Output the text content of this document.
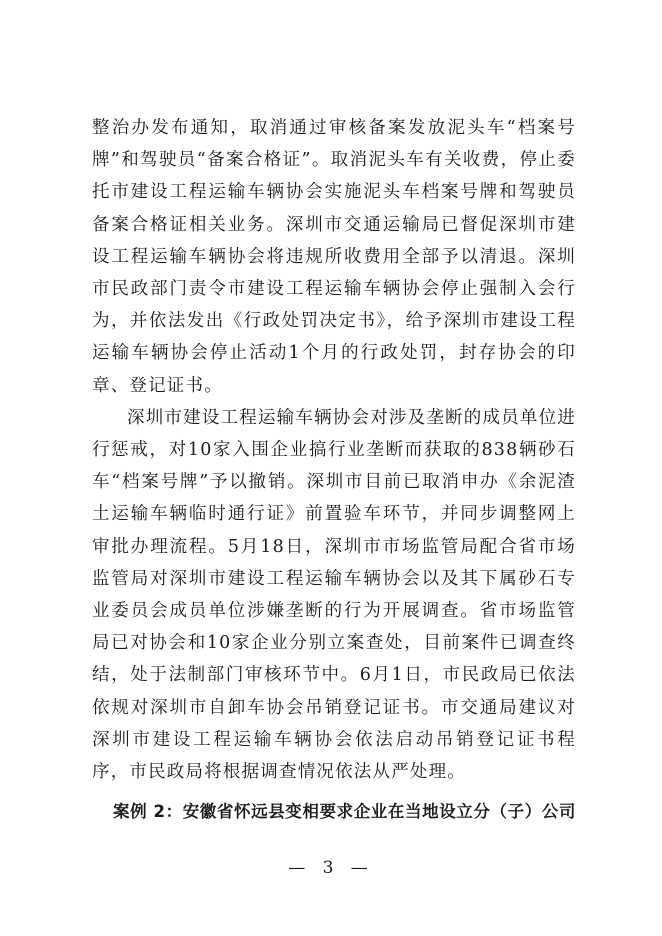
整治办发布通知，取消通过审核备案发放泥头车“档案号牌”和驾驶员“备案合格证”。取消泥头车有关收费，停止委托市建设工程运输车辆协会实施泥头车档案号牌和驾驶员备案合格证相关业务。深圳市交通运输局已督促深圳市建设工程运输车辆协会将违规所收费用全部予以清退。深圳市民政部门责令市建设工程运输车辆协会停止强制入会行为，并依法发出《行政处罚决定书》，给予深圳市建设工程运输车辆协会停止活动1个月的行政处罚，封存协会的印章、登记证书。

深圳市建设工程运输车辆协会对涉及垄断的成员单位进行惩戒，对10家入围企业搞行业垄断而获取的838辆砂石车“档案号牌”予以撤销。深圳市目前已取消申办《余泥渣土运输车辆临时通行证》前置验车环节，并同步调整网上审批办理流程。5月18日，深圳市市场监管局配合省市场监管局对深圳市建设工程运输车辆协会以及其下属砂石专业委员会成员单位涉嫌垄断的行为开展调查。省市场监管局已对协会和10家企业分别立案查处，目前案件已调查终结，处于法制部门审核环节中。6月1日，市民政局已依法依规对深圳市自卸车协会吊销登记证书。市交通局建议对深圳市建设工程运输车辆协会依法启动吊销登记证书程序，市民政局将根据调查情况依法从严处理。

案例 2：安徽省怀远县变相要求企业在当地设立分（子）公司
— 3 —
